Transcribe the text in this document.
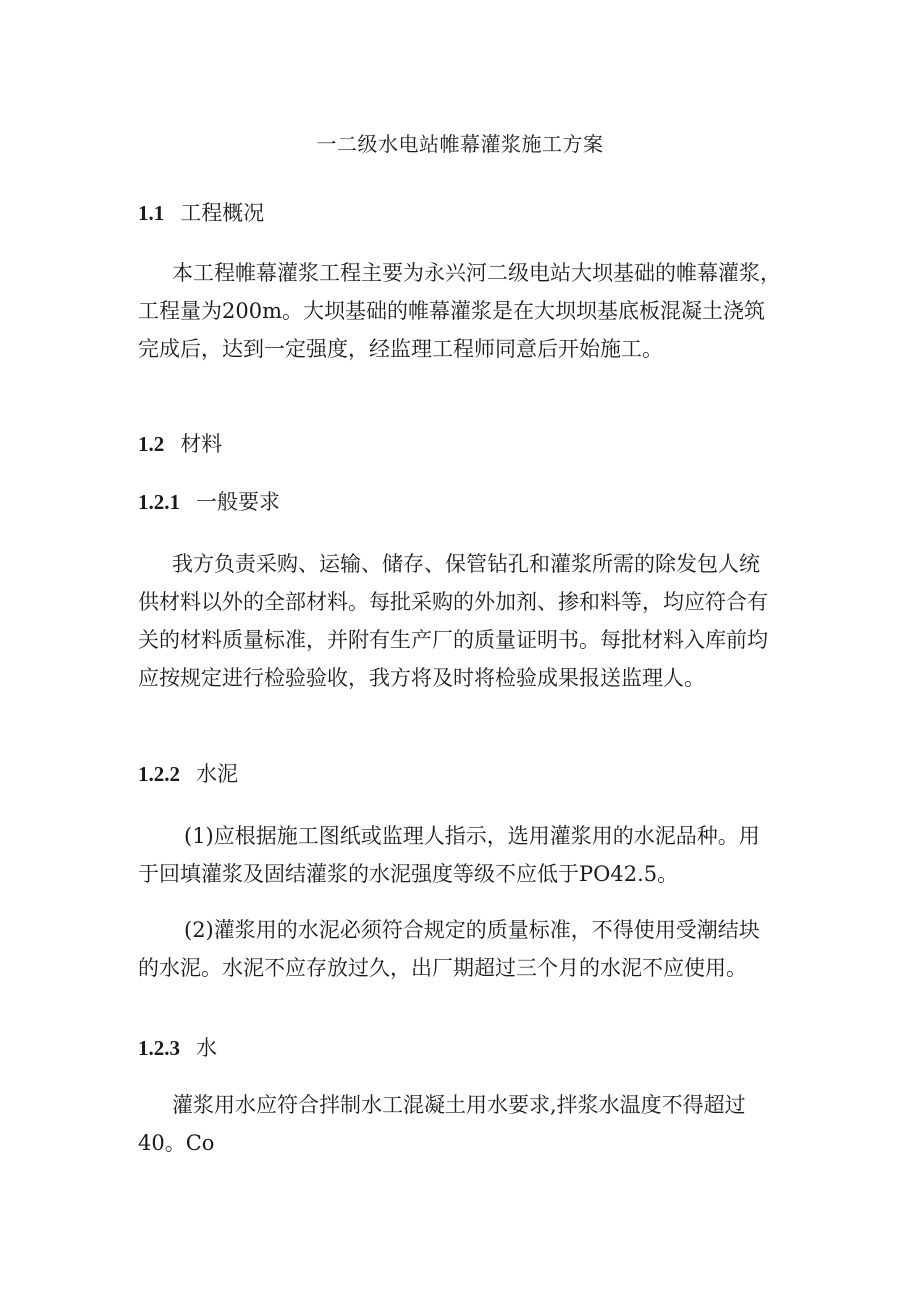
一二级水电站帷幕灌浆施工方案
1.1 工程概况
本工程帷幕灌浆工程主要为永兴河二级电站大坝基础的帷幕灌浆，
工程量为200m。大坝基础的帷幕灌浆是在大坝坝基底板混凝土浇筑
完成后，达到一定强度，经监理工程师同意后开始施工。
1.2 材料
1.2.1 一般要求
我方负责采购、运输、储存、保管钻孔和灌浆所需的除发包人统
供材料以外的全部材料。每批采购的外加剂、掺和料等，均应符合有
关的材料质量标准，并附有生产厂的质量证明书。每批材料入库前均
应按规定进行检验验收，我方将及时将检验成果报送监理人。
1.2.2 水泥
(1)应根据施工图纸或监理人指示，选用灌浆用的水泥品种。用
于回填灌浆及固结灌浆的水泥强度等级不应低于PO42.5。
(2)灌浆用的水泥必须符合规定的质量标准，不得使用受潮结块
的水泥。水泥不应存放过久，出厂期超过三个月的水泥不应使用。
1.2.3 水
灌浆用水应符合拌制水工混凝土用水要求,拌浆水温度不得超过
40。Co
